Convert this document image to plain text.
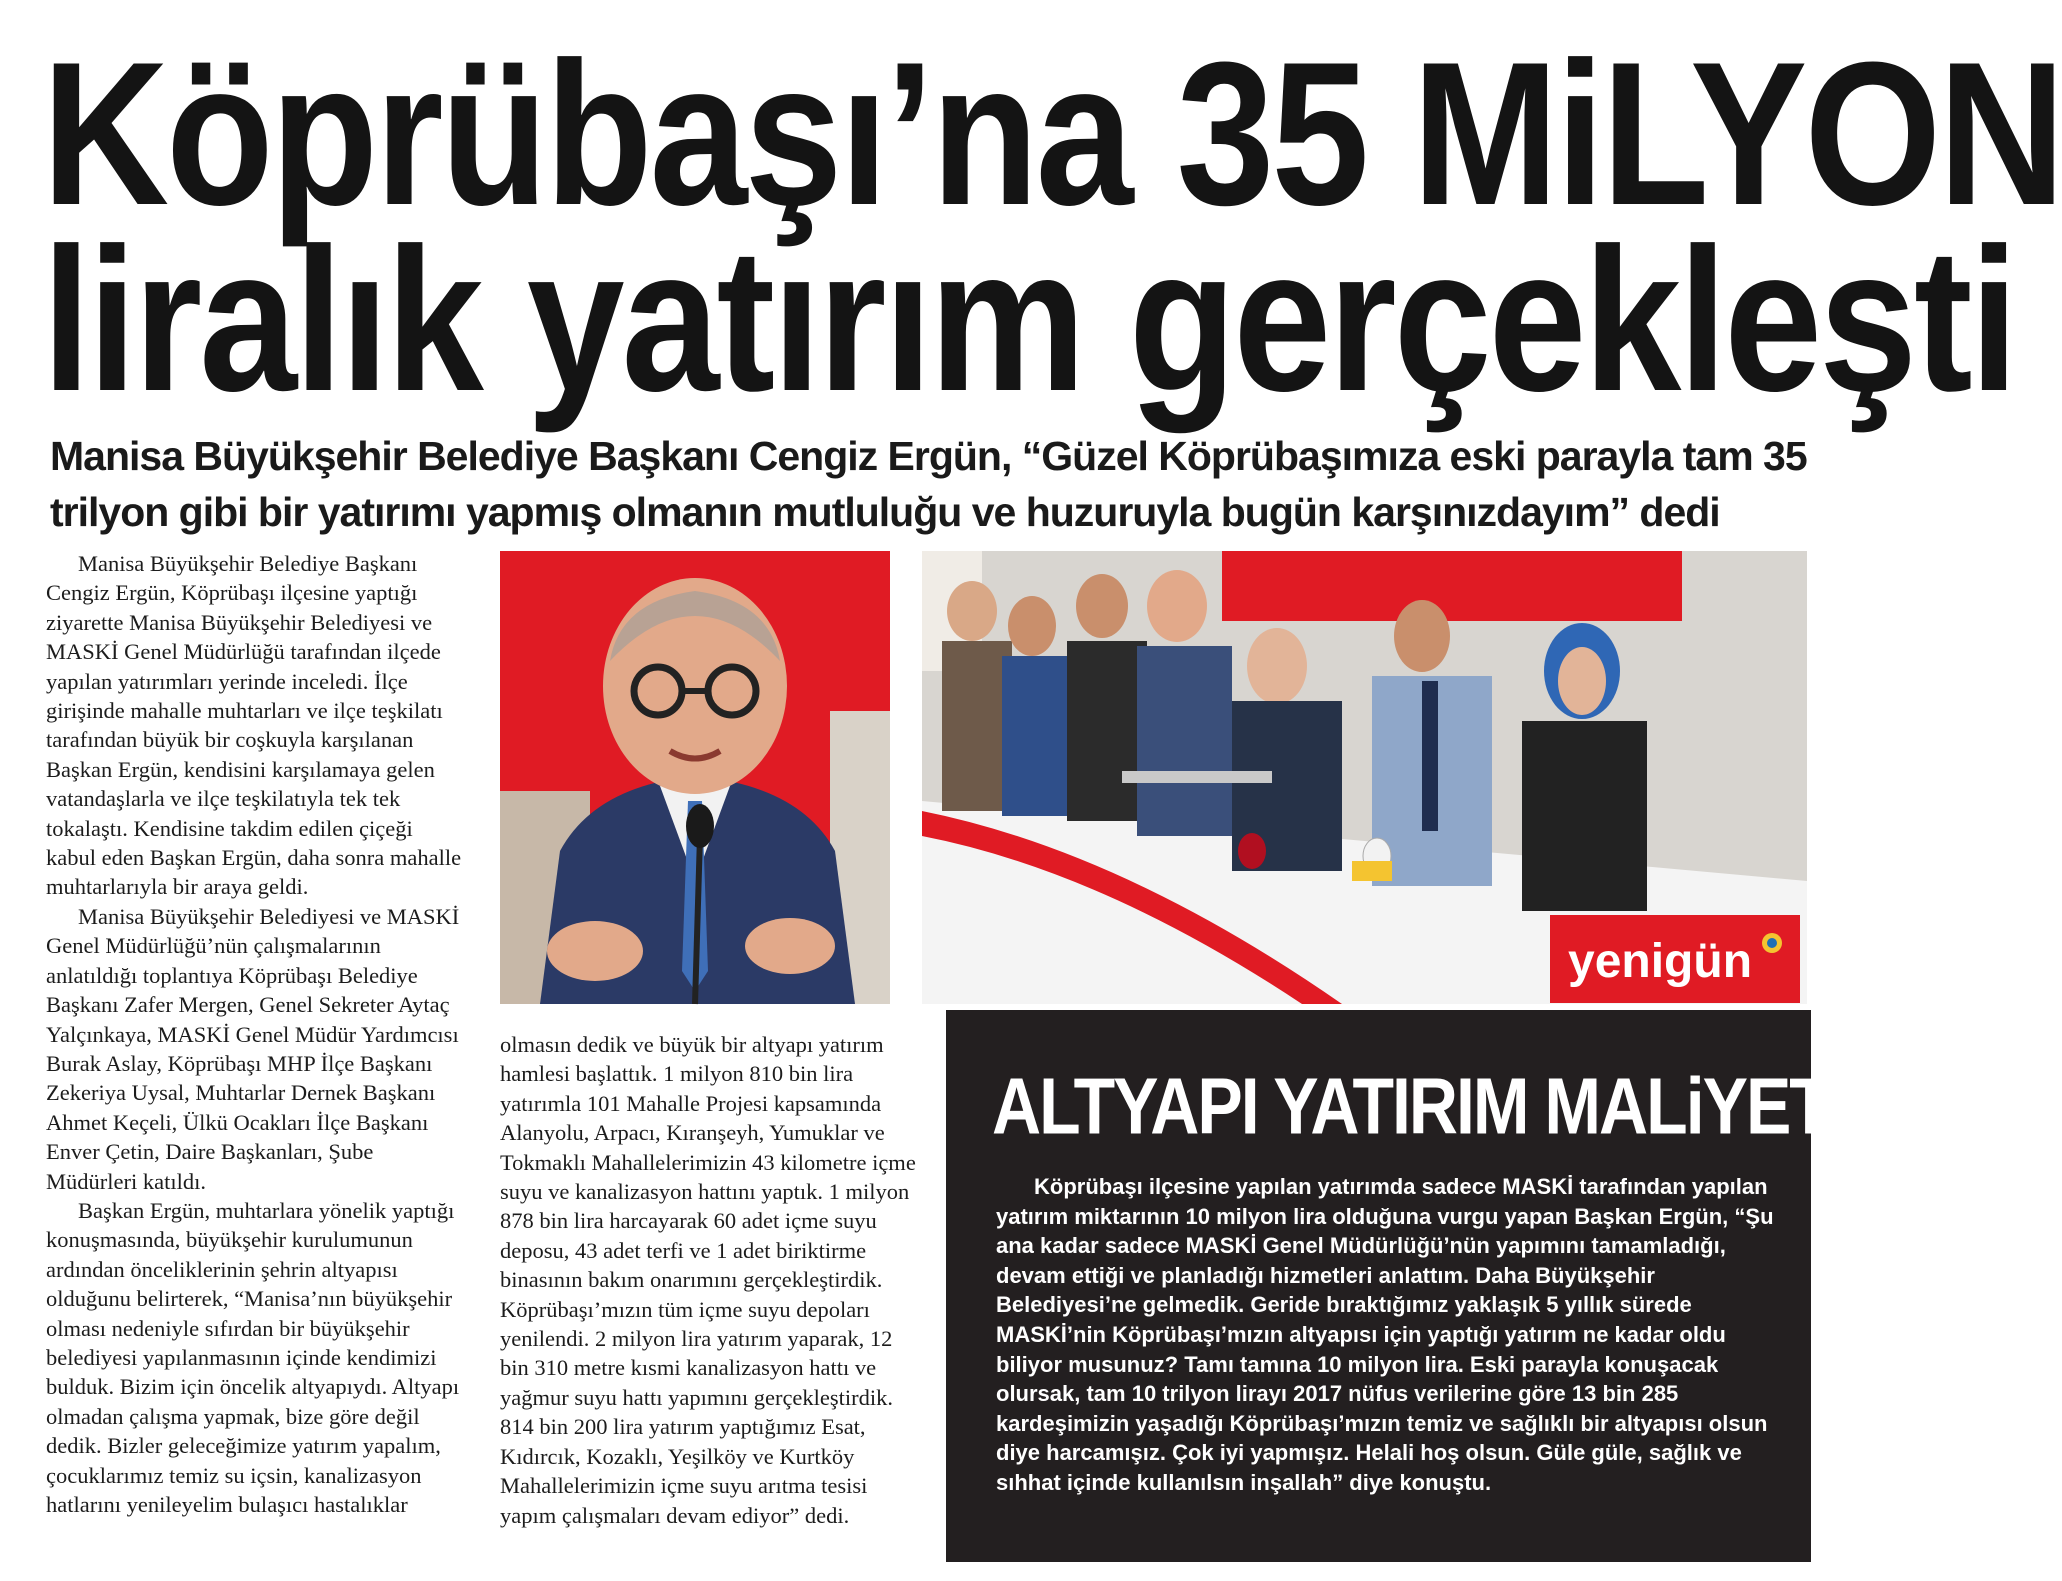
Köprübaşı’na 35 MiLYON
liralık yatırım gerçekleşti
Manisa Büyükşehir Belediye Başkanı Cengiz Ergün, “Güzel Köprübaşımıza eski parayla tam 35 trilyon gibi bir yatırımı yapmış olmanın mutluluğu ve huzuruyla bugün karşınızdayım” dedi

Manisa Büyükşehir Belediye Başkanı Cengiz Ergün, Köprübaşı ilçesine yaptığı ziyarette Manisa Büyükşehir Belediyesi ve MASKİ Genel Müdürlüğü tarafından ilçede yapılan yatırımları yerinde inceledi. İlçe girişinde mahalle muhtarları ve ilçe teşkilatı tarafından büyük bir coşkuyla karşılanan Başkan Ergün, kendisini karşılamaya gelen vatandaşlarla ve ilçe teşkilatıyla tek tek tokalaştı. Kendisine takdim edilen çiçeği kabul eden Başkan Ergün, daha sonra mahalle muhtarlarıyla bir araya geldi.

Manisa Büyükşehir Belediyesi ve MASKİ Genel Müdürlüğü’nün çalışmalarının anlatıldığı toplantıya Köprübaşı Belediye Başkanı Zafer Mergen, Genel Sekreter Aytaç Yalçınkaya, MASKİ Genel Müdür Yardımcısı Burak Aslay, Köprübaşı MHP İlçe Başkanı Zekeriya Uysal, Muhtarlar Dernek Başkanı Ahmet Keçeli, Ülkü Ocakları İlçe Başkanı Enver Çetin, Daire Başkanları, Şube Müdürleri katıldı.

Başkan Ergün, muhtarlara yönelik yaptığı konuşmasında, büyükşehir kurulumunun ardından önceliklerinin şehrin altyapısı olduğunu belirterek, “Manisa’nın büyükşehir olması nedeniyle sıfırdan bir büyükşehir belediyesi yapılanmasının içinde kendimizi bulduk. Bizim için öncelik altyapıydı. Altyapı olmadan çalışma yapmak, bize göre değil dedik. Bizler geleceğimize yatırım yapalım, çocuklarımız temiz su içsin, kanalizasyon hatlarını yenileyelim bulaşıcı hastalıklar

yenigün

olmasın dedik ve büyük bir altyapı yatırım hamlesi başlattık. 1 milyon 810 bin lira yatırımla 101 Mahalle Projesi kapsamında Alanyolu, Arpacı, Kıranşeyh, Yumuklar ve Tokmaklı Mahallelerimizin 43 kilometre içme suyu ve kanalizasyon hattını yaptık. 1 milyon 878 bin lira harcayarak 60 adet içme suyu deposu, 43 adet terfi ve 1 adet biriktirme binasının bakım onarımını gerçekleştirdik. Köprübaşı’mızın tüm içme suyu depoları yenilendi. 2 milyon lira yatırım yaparak, 12 bin 310 metre kısmi kanalizasyon hattı ve yağmur suyu hattı yapımını gerçekleştirdik. 814 bin 200 lira yatırım yaptığımız Esat, Kıdırcık, Kozaklı, Yeşilköy ve Kurtköy Mahallelerimizin içme suyu arıtma tesisi yapım çalışmaları devam ediyor” dedi.

ALTYAPI YATIRIM MALiYETi
Köprübaşı ilçesine yapılan yatırımda sadece MASKİ tarafından yapılan yatırım miktarının 10 milyon lira olduğuna vurgu yapan Başkan Ergün, “Şu ana kadar sadece MASKİ Genel Müdürlüğü’nün yapımını tamamladığı, devam ettiği ve planladığı hizmetleri anlattım. Daha Büyükşehir Belediyesi’ne gelmedik. Geride bıraktığımız yaklaşık 5 yıllık sürede MASKİ’nin Köprübaşı’mızın altyapısı için yaptığı yatırım ne kadar oldu biliyor musunuz? Tamı tamına 10 milyon lira. Eski parayla konuşacak olursak, tam 10 trilyon lirayı 2017 nüfus verilerine göre 13 bin 285 kardeşimizin yaşadığı Köprübaşı’mızın temiz ve sağlıklı bir altyapısı olsun diye harcamışız. Çok iyi yapmışız. Helali hoş olsun. Güle güle, sağlık ve sıhhat içinde kullanılsın inşallah” diye konuştu.
